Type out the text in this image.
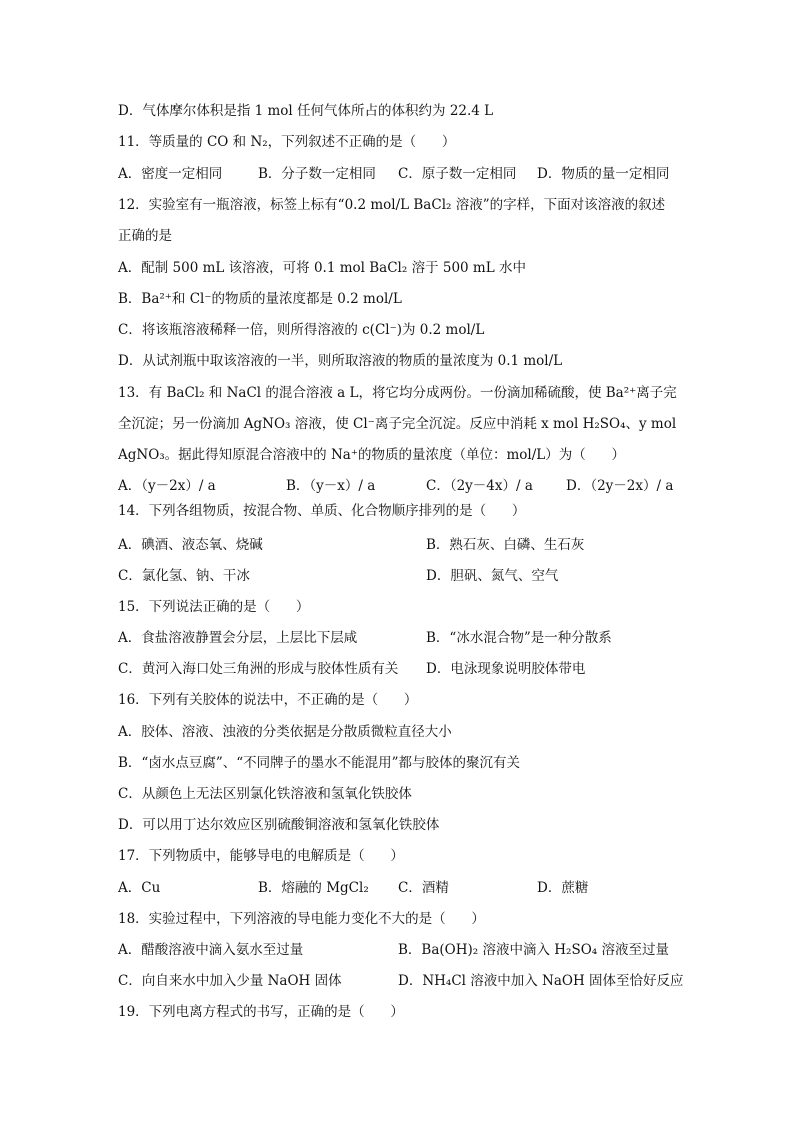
D．气体摩尔体积是指 1 mol 任何气体所占的体积约为 22.4 L

11．等质量的 CO 和 N₂，下列叙述不正确的是（      ）

A．密度一定相同	B．分子数一定相同 C．原子数一定相同 D．物质的量一定相同

12．实验室有一瓶溶液，标签上标有“0.2 mol/L BaCl₂ 溶液”的字样，下面对该溶液的叙述

正确的是

A．配制 500 mL 该溶液，可将 0.1 mol BaCl₂ 溶于 500 mL 水中

B．Ba²⁺和 Cl⁻的物质的量浓度都是 0.2 mol/L

C．将该瓶溶液稀释一倍，则所得溶液的 c(Cl⁻)为 0.2 mol/L

D．从试剂瓶中取该溶液的一半，则所取溶液的物质的量浓度为 0.1 mol/L

13．有 BaCl₂ 和 NaCl 的混合溶液 a L，将它均分成两份。一份滴加稀硫酸，使 Ba²⁺离子完

全沉淀；另一份滴加 AgNO₃ 溶液，使 Cl⁻离子完全沉淀。反应中消耗 x mol H₂SO₄、y mol

AgNO₃。据此得知原混合溶液中的 Na⁺的物质的量浓度（单位：mol/L）为（      ）

A．（y－2x）/ a	B．（y－x）/ a	C．（2y－4x）/ a D．（2y－2x）/ a

14．下列各组物质，按混合物、单质、化合物顺序排列的是（      ）

A．碘酒、液态氧、烧碱	B．熟石灰、白磷、生石灰

C．氯化氢、钠、干冰	D．胆矾、氮气、空气

15．下列说法正确的是（      ）

A．食盐溶液静置会分层，上层比下层咸	B．“冰水混合物”是一种分散系

C．黄河入海口处三角洲的形成与胶体性质有关 D．电泳现象说明胶体带电

16．下列有关胶体的说法中，不正确的是（      ）

A．胶体、溶液、浊液的分类依据是分散质微粒直径大小

B．“卤水点豆腐”、“不同牌子的墨水不能混用”都与胶体的聚沉有关

C．从颜色上无法区别氯化铁溶液和氢氧化铁胶体

D．可以用丁达尔效应区别硫酸铜溶液和氢氧化铁胶体

17．下列物质中，能够导电的电解质是（      ）

A．Cu	B．熔融的 MgCl₂ C．酒精	D．蔗糖

18．实验过程中，下列溶液的导电能力变化不大的是（      ）

A．醋酸溶液中滴入氨水至过量	B．Ba(OH)₂ 溶液中滴入 H₂SO₄ 溶液至过量

C．向自来水中加入少量 NaOH 固体	D．NH₄Cl 溶液中加入 NaOH 固体至恰好反应

19．下列电离方程式的书写，正确的是（      ）
